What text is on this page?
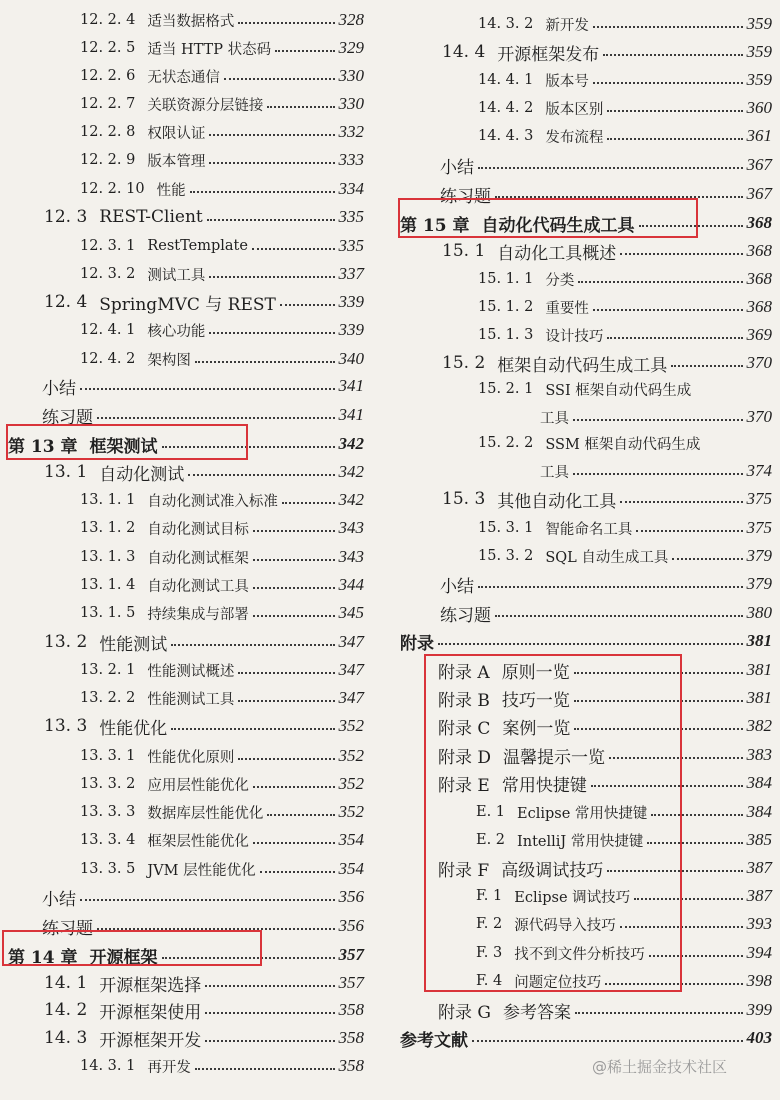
12. 2. 4 适当数据格式	328
12. 2. 5 适当 HTTP 状态码	329
12. 2. 6 无状态通信	330
12. 2. 7 关联资源分层链接	330
12. 2. 8 权限认证	332
12. 2. 9 版本管理	333
12. 2. 10 性能	334
12. 3 REST-Client	335
12. 3. 1 RestTemplate	335
12. 3. 2 测试工具	337
12. 4 SpringMVC 与 REST	339
12. 4. 1 核心功能	339
12. 4. 2 架构图	340
小结	341
练习题	341
第 13 章 框架测试	342
13. 1 自动化测试	342
13. 1. 1 自动化测试准入标准	342
13. 1. 2 自动化测试目标	343
13. 1. 3 自动化测试框架	343
13. 1. 4 自动化测试工具	344
13. 1. 5 持续集成与部署	345
13. 2 性能测试	347
13. 2. 1 性能测试概述	347
13. 2. 2 性能测试工具	347
13. 3 性能优化	352
13. 3. 1 性能优化原则	352
13. 3. 2 应用层性能优化	352
13. 3. 3 数据库层性能优化	352
13. 3. 4 框架层性能优化	354
13. 3. 5 JVM 层性能优化	354
小结	356
练习题	356
第 14 章 开源框架	357
14. 1 开源框架选择	357
14. 2 开源框架使用	358
14. 3 开源框架开发	358
14. 3. 1 再开发	358
14. 3. 2 新开发	359
14. 4 开源框架发布	359
14. 4. 1 版本号	359
14. 4. 2 版本区别	360
14. 4. 3 发布流程	361
小结	367
练习题	367
第 15 章 自动化代码生成工具	368
15. 1 自动化工具概述	368
15. 1. 1 分类	368
15. 1. 2 重要性	368
15. 1. 3 设计技巧	369
15. 2 框架自动代码生成工具	370
15. 2. 1 SSI 框架自动代码生成
工具	370
15. 2. 2 SSM 框架自动代码生成
工具	374
15. 3 其他自动化工具	375
15. 3. 1 智能命名工具	375
15. 3. 2 SQL 自动生成工具	379
小结	379
练习题	380
附录	381
附录 A 原则一览	381
附录 B 技巧一览	381
附录 C 案例一览	382
附录 D 温馨提示一览	383
附录 E 常用快捷键	384
E. 1 Eclipse 常用快捷键	384
E. 2 IntelliJ 常用快捷键	385
附录 F 高级调试技巧	387
F. 1 Eclipse 调试技巧	387
F. 2 源代码导入技巧	393
F. 3 找不到文件分析技巧	394
F. 4 问题定位技巧	398
附录 G 参考答案	399
参考文献	403
@稀土掘金技术社区
